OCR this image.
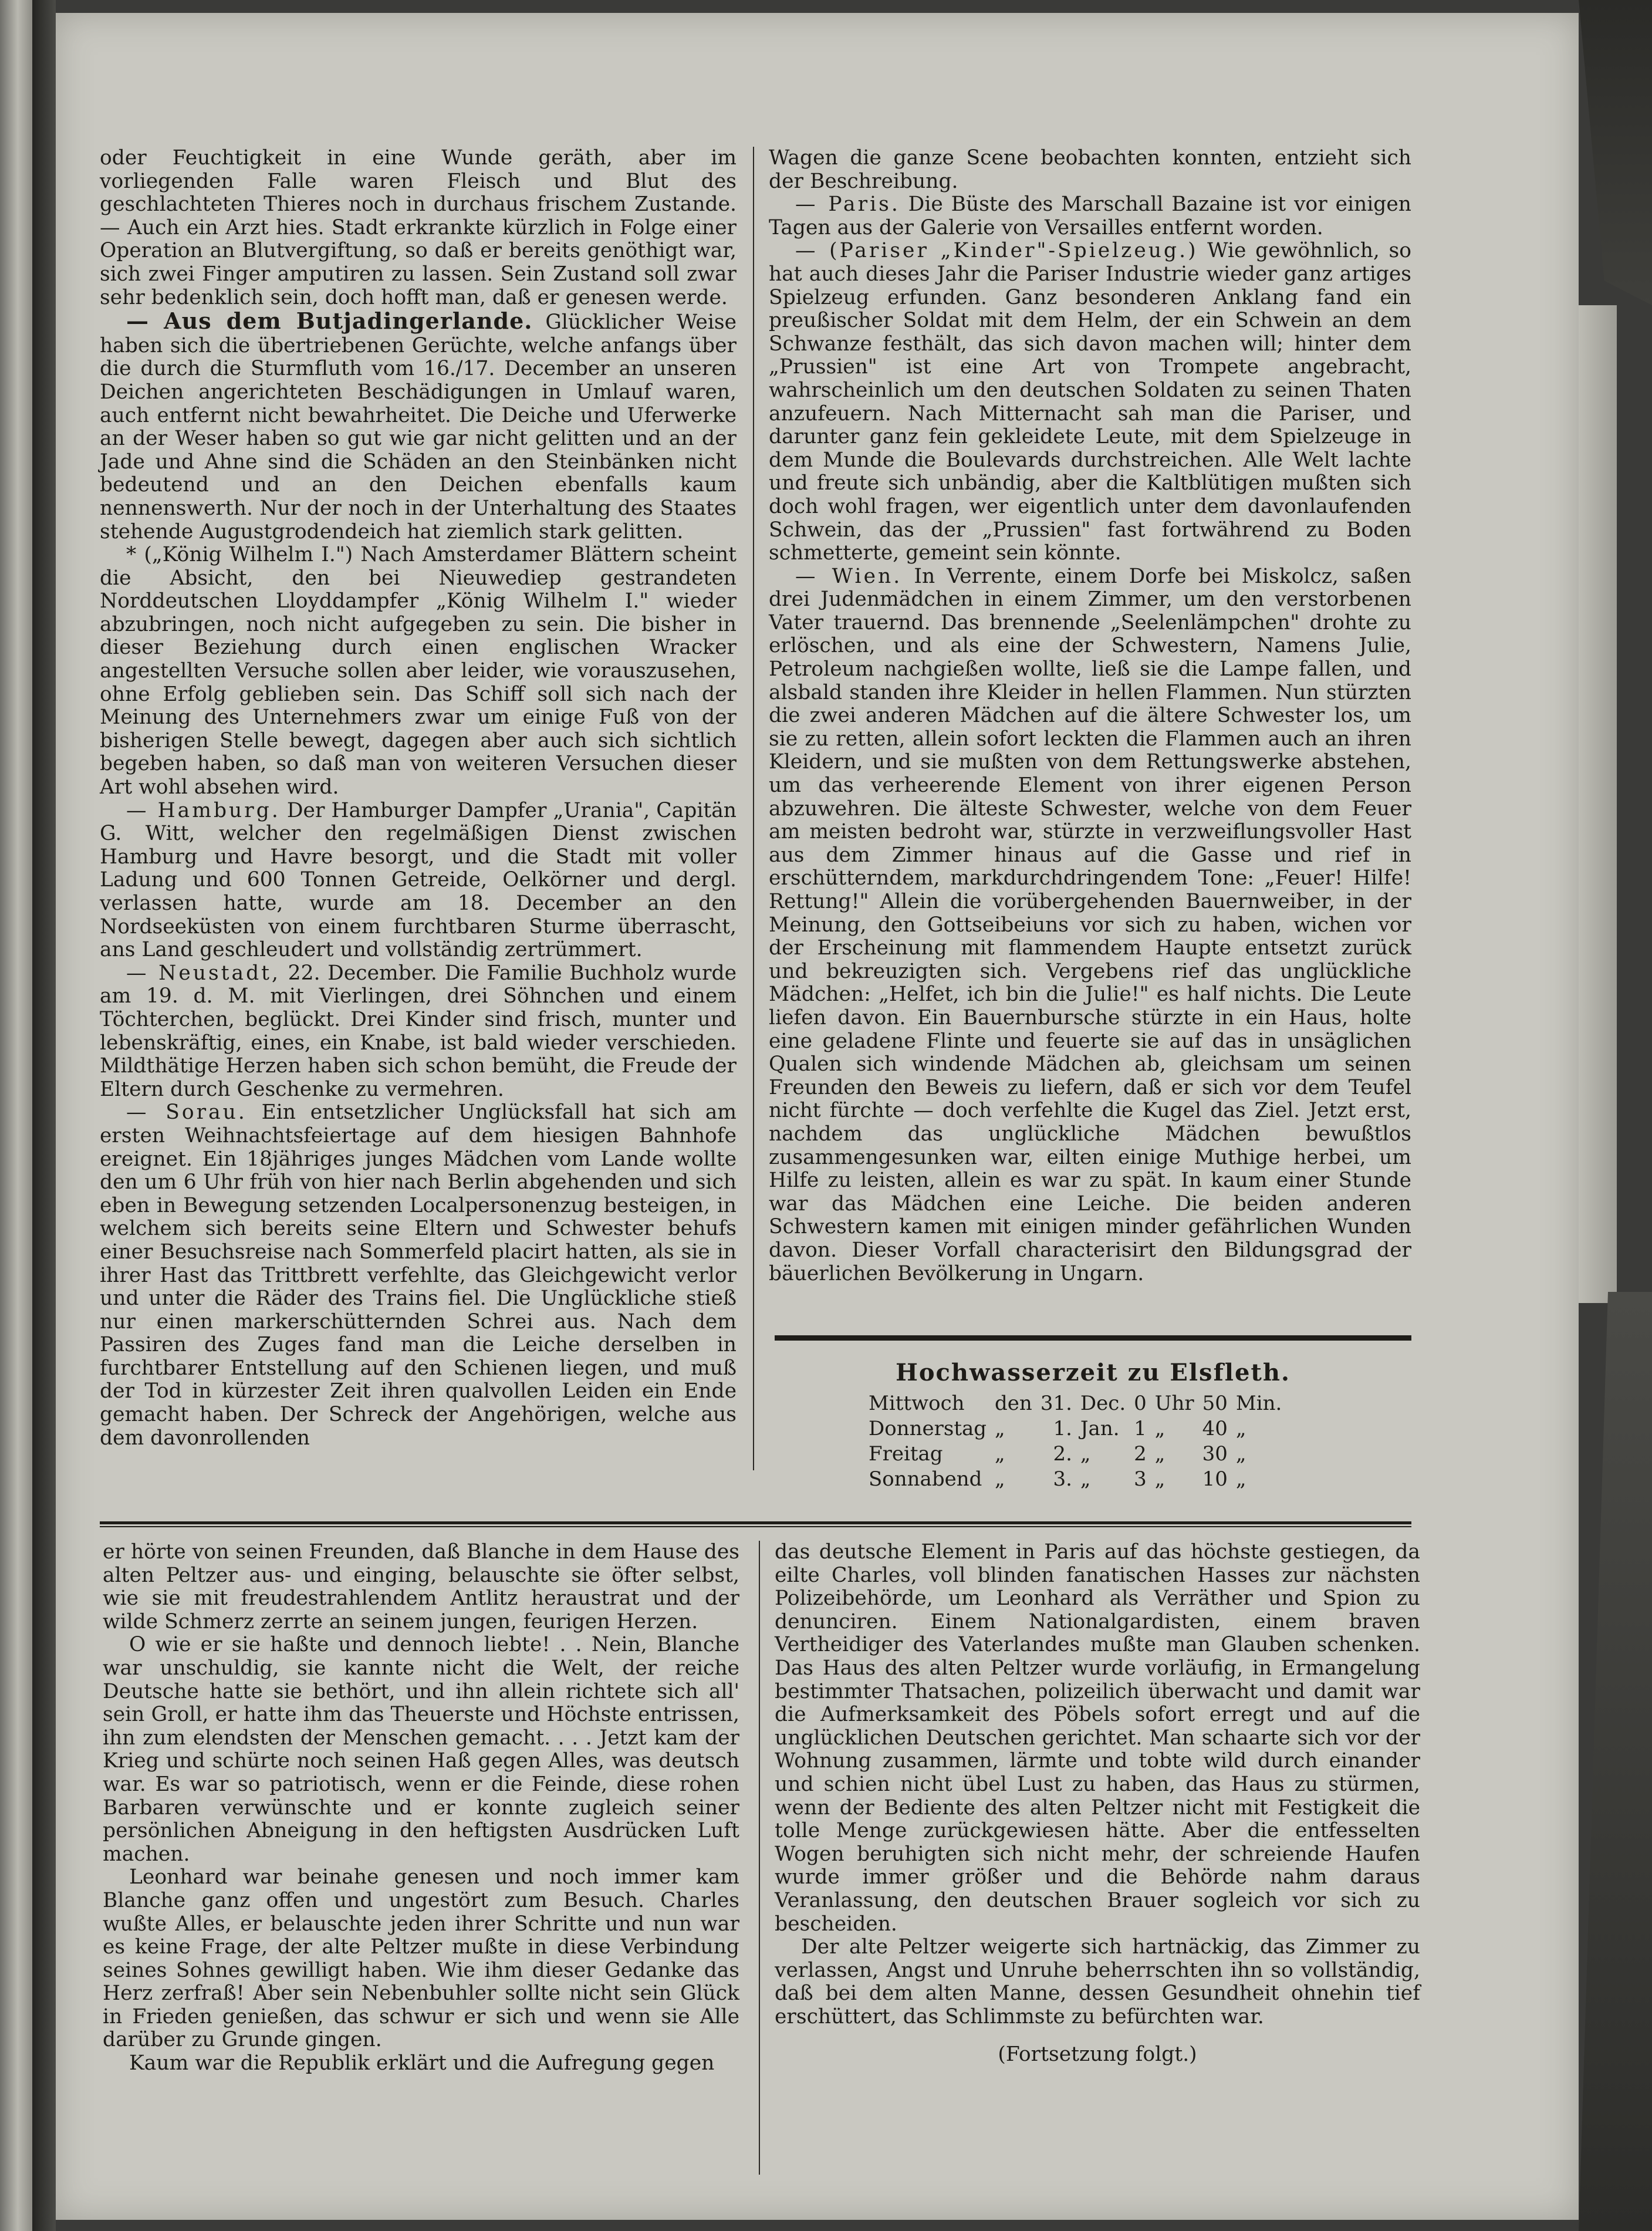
oder Feuchtigkeit in eine Wunde geräth, aber im vorliegenden Falle waren Fleisch und Blut des geschlachteten Thieres noch in durchaus frischem Zustande. — Auch ein Arzt hies. Stadt erkrankte kürzlich in Folge einer Operation an Blutvergiftung, so daß er bereits genöthigt war, sich zwei Finger amputiren zu lassen. Sein Zustand soll zwar sehr bedenklich sein, doch hofft man, daß er genesen werde.

— Aus dem Butjadingerlande. Glücklicher Weise haben sich die übertriebenen Gerüchte, welche anfangs über die durch die Sturmfluth vom 16./17. December an unseren Deichen angerichteten Beschädigungen in Umlauf waren, auch entfernt nicht bewahrheitet. Die Deiche und Uferwerke an der Weser haben so gut wie gar nicht gelitten und an der Jade und Ahne sind die Schäden an den Steinbänken nicht bedeutend und an den Deichen ebenfalls kaum nennenswerth. Nur der noch in der Unterhaltung des Staates stehende Augustgrodendeich hat ziemlich stark gelitten.

* („König Wilhelm I.") Nach Amsterdamer Blättern scheint die Absicht, den bei Nieuwediep gestrandeten Norddeutschen Lloyddampfer „König Wilhelm I." wieder abzubringen, noch nicht aufgegeben zu sein. Die bisher in dieser Beziehung durch einen englischen Wracker angestellten Versuche sollen aber leider, wie vorauszusehen, ohne Erfolg geblieben sein. Das Schiff soll sich nach der Meinung des Unternehmers zwar um einige Fuß von der bisherigen Stelle bewegt, dagegen aber auch sich sichtlich begeben haben, so daß man von weiteren Versuchen dieser Art wohl absehen wird.

— Hamburg. Der Hamburger Dampfer „Urania", Capitän G. Witt, welcher den regelmäßigen Dienst zwischen Hamburg und Havre besorgt, und die Stadt mit voller Ladung und 600 Tonnen Getreide, Oelkörner und dergl. verlassen hatte, wurde am 18. December an den Nordseeküsten von einem furchtbaren Sturme überrascht, ans Land geschleudert und vollständig zertrümmert.

— Neustadt, 22. December. Die Familie Buchholz wurde am 19. d. M. mit Vierlingen, drei Söhnchen und einem Töchterchen, beglückt. Drei Kinder sind frisch, munter und lebenskräftig, eines, ein Knabe, ist bald wieder verschieden. Mildthätige Herzen haben sich schon bemüht, die Freude der Eltern durch Geschenke zu vermehren.

— Sorau. Ein entsetzlicher Unglücksfall hat sich am ersten Weihnachtsfeiertage auf dem hiesigen Bahnhofe ereignet. Ein 18jähriges junges Mädchen vom Lande wollte den um 6 Uhr früh von hier nach Berlin abgehenden und sich eben in Bewegung setzenden Localpersonenzug besteigen, in welchem sich bereits seine Eltern und Schwester behufs einer Besuchsreise nach Sommerfeld placirt hatten, als sie in ihrer Hast das Trittbrett verfehlte, das Gleichgewicht verlor und unter die Räder des Trains fiel. Die Unglückliche stieß nur einen markerschütternden Schrei aus. Nach dem Passiren des Zuges fand man die Leiche derselben in furchtbarer Entstellung auf den Schienen liegen, und muß der Tod in kürzester Zeit ihren qualvollen Leiden ein Ende gemacht haben. Der Schreck der Angehörigen, welche aus dem davonrollenden

Wagen die ganze Scene beobachten konnten, entzieht sich der Beschreibung.

— Paris. Die Büste des Marschall Bazaine ist vor einigen Tagen aus der Galerie von Versailles entfernt worden.

— (Pariser „Kinder"-Spielzeug.) Wie gewöhnlich, so hat auch dieses Jahr die Pariser Industrie wieder ganz artiges Spielzeug erfunden. Ganz besonderen Anklang fand ein preußischer Soldat mit dem Helm, der ein Schwein an dem Schwanze festhält, das sich davon machen will; hinter dem „Prussien" ist eine Art von Trompete angebracht, wahrscheinlich um den deutschen Soldaten zu seinen Thaten anzufeuern. Nach Mitternacht sah man die Pariser, und darunter ganz fein gekleidete Leute, mit dem Spielzeuge in dem Munde die Boulevards durchstreichen. Alle Welt lachte und freute sich unbändig, aber die Kaltblütigen mußten sich doch wohl fragen, wer eigentlich unter dem davonlaufenden Schwein, das der „Prussien" fast fortwährend zu Boden schmetterte, gemeint sein könnte.

— Wien. In Verrente, einem Dorfe bei Miskolcz, saßen drei Judenmädchen in einem Zimmer, um den verstorbenen Vater trauernd. Das brennende „Seelenlämpchen" drohte zu erlöschen, und als eine der Schwestern, Namens Julie, Petroleum nachgießen wollte, ließ sie die Lampe fallen, und alsbald standen ihre Kleider in hellen Flammen. Nun stürzten die zwei anderen Mädchen auf die ältere Schwester los, um sie zu retten, allein sofort leckten die Flammen auch an ihren Kleidern, und sie mußten von dem Rettungswerke abstehen, um das verheerende Element von ihrer eigenen Person abzuwehren. Die älteste Schwester, welche von dem Feuer am meisten bedroht war, stürzte in verzweiflungsvoller Hast aus dem Zimmer hinaus auf die Gasse und rief in erschütterndem, markdurchdringendem Tone: „Feuer! Hilfe! Rettung!" Allein die vorübergehenden Bauernweiber, in der Meinung, den Gottseibeiuns vor sich zu haben, wichen vor der Erscheinung mit flammendem Haupte entsetzt zurück und bekreuzigten sich. Vergebens rief das unglückliche Mädchen: „Helfet, ich bin die Julie!" es half nichts. Die Leute liefen davon. Ein Bauernbursche stürzte in ein Haus, holte eine geladene Flinte und feuerte sie auf das in unsäglichen Qualen sich windende Mädchen ab, gleichsam um seinen Freunden den Beweis zu liefern, daß er sich vor dem Teufel nicht fürchte — doch verfehlte die Kugel das Ziel. Jetzt erst, nachdem das unglückliche Mädchen bewußtlos zusammengesunken war, eilten einige Muthige herbei, um Hilfe zu leisten, allein es war zu spät. In kaum einer Stunde war das Mädchen eine Leiche. Die beiden anderen Schwestern kamen mit einigen minder gefährlichen Wunden davon. Dieser Vorfall characterisirt den Bildungsgrad der bäuerlichen Bevölkerung in Ungarn.

Hochwasserzeit zu Elsfleth.
Mittwoch	den	31.	Dec.	0	Uhr	50	Min.
Donnerstag	„	1.	Jan.	1	„	40	„
Freitag	„	2.	„	2	„	30	„
Sonnabend	„	3.	„	3	„	10	„

er hörte von seinen Freunden, daß Blanche in dem Hause des alten Peltzer aus- und einging, belauschte sie öfter selbst, wie sie mit freudestrahlendem Antlitz heraustrat und der wilde Schmerz zerrte an seinem jungen, feurigen Herzen.

O wie er sie haßte und dennoch liebte! . . Nein, Blanche war unschuldig, sie kannte nicht die Welt, der reiche Deutsche hatte sie bethört, und ihn allein richtete sich all' sein Groll, er hatte ihm das Theuerste und Höchste entrissen, ihn zum elendsten der Menschen gemacht. . . . Jetzt kam der Krieg und schürte noch seinen Haß gegen Alles, was deutsch war. Es war so patriotisch, wenn er die Feinde, diese rohen Barbaren verwünschte und er konnte zugleich seiner persönlichen Abneigung in den heftigsten Ausdrücken Luft machen.

Leonhard war beinahe genesen und noch immer kam Blanche ganz offen und ungestört zum Besuch. Charles wußte Alles, er belauschte jeden ihrer Schritte und nun war es keine Frage, der alte Peltzer mußte in diese Verbindung seines Sohnes gewilligt haben. Wie ihm dieser Gedanke das Herz zerfraß! Aber sein Nebenbuhler sollte nicht sein Glück in Frieden genießen, das schwur er sich und wenn sie Alle darüber zu Grunde gingen.

Kaum war die Republik erklärt und die Aufregung gegen

das deutsche Element in Paris auf das höchste gestiegen, da eilte Charles, voll blinden fanatischen Hasses zur nächsten Polizeibehörde, um Leonhard als Verräther und Spion zu denunciren. Einem Nationalgardisten, einem braven Vertheidiger des Vaterlandes mußte man Glauben schenken. Das Haus des alten Peltzer wurde vorläufig, in Ermangelung bestimmter Thatsachen, polizeilich überwacht und damit war die Aufmerksamkeit des Pöbels sofort erregt und auf die unglücklichen Deutschen gerichtet. Man schaarte sich vor der Wohnung zusammen, lärmte und tobte wild durch einander und schien nicht übel Lust zu haben, das Haus zu stürmen, wenn der Bediente des alten Peltzer nicht mit Festigkeit die tolle Menge zurückgewiesen hätte. Aber die entfesselten Wogen beruhigten sich nicht mehr, der schreiende Haufen wurde immer größer und die Behörde nahm daraus Veranlassung, den deutschen Brauer sogleich vor sich zu bescheiden.

Der alte Peltzer weigerte sich hartnäckig, das Zimmer zu verlassen, Angst und Unruhe beherrschten ihn so vollständig, daß bei dem alten Manne, dessen Gesundheit ohnehin tief erschüttert, das Schlimmste zu befürchten war.

(Fortsetzung folgt.)
